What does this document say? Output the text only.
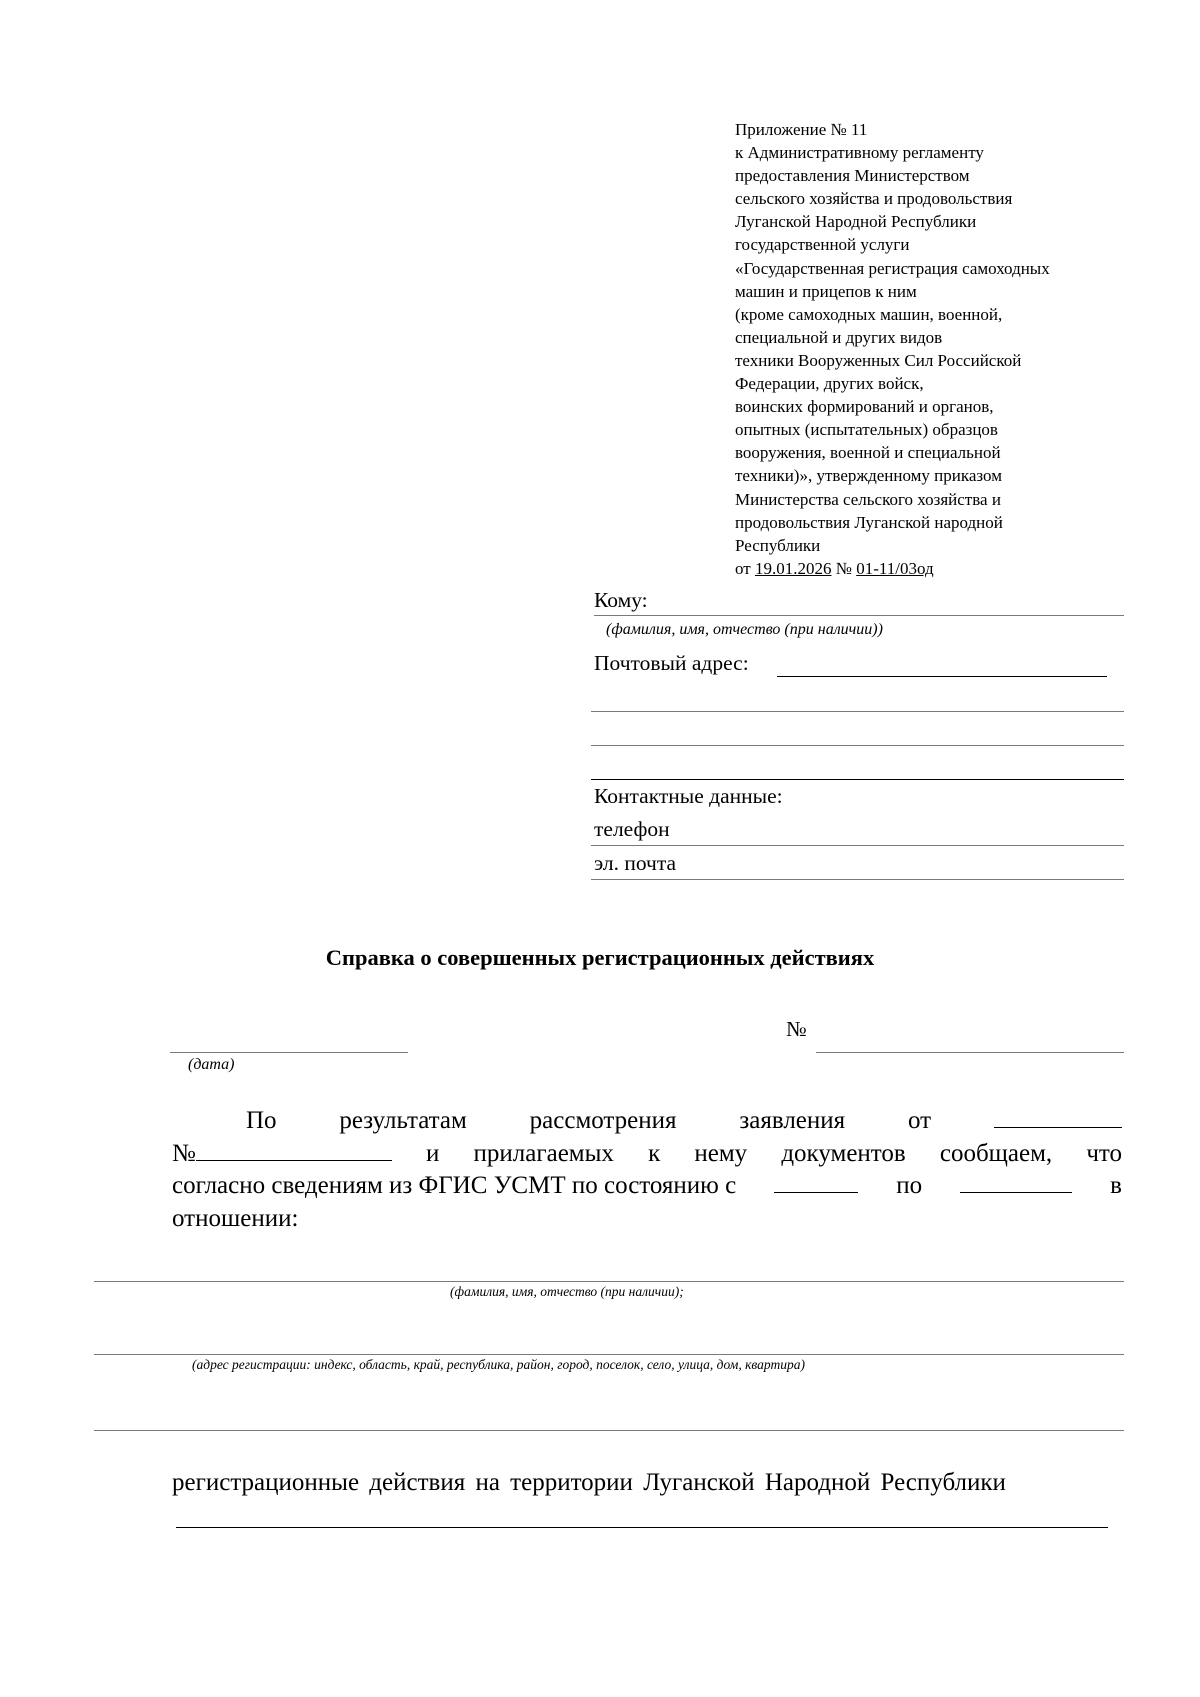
Приложение № 11
к Административному регламенту
предоставления Министерством
сельского хозяйства и продовольствия
Луганской Народной Республики
государственной услуги
«Государственная регистрация самоходных
машин и прицепов к ним
(кроме самоходных машин, военной,
специальной и других видов
техники Вооруженных Сил Российской
Федерации, других войск,
воинских формирований и органов,
опытных (испытательных) образцов
вооружения, военной и специальной
техники)», утвержденному приказом
Министерства сельского хозяйства и
продовольствия Луганской народной
Республики
от 19.01.2026 № 01-11/03од
Кому:
(фамилия, имя, отчество (при наличии))
Почтовый адрес:
Контактные данные:
телефон
эл. почта
Справка о совершенных регистрационных действиях
(дата)
№
По	результатам	рассмотрения	заявления	от
№	и прилагаемых к нему документов сообщаем, что
согласно сведениям из ФГИС УСМТ по состоянию с	по	в
отношении:
(фамилия, имя, отчество (при наличии);
(адрес регистрации: индекс, область, край, республика, район, город, поселок, село, улица, дом, квартира)
регистрационные действия на территории Луганской Народной Республики
